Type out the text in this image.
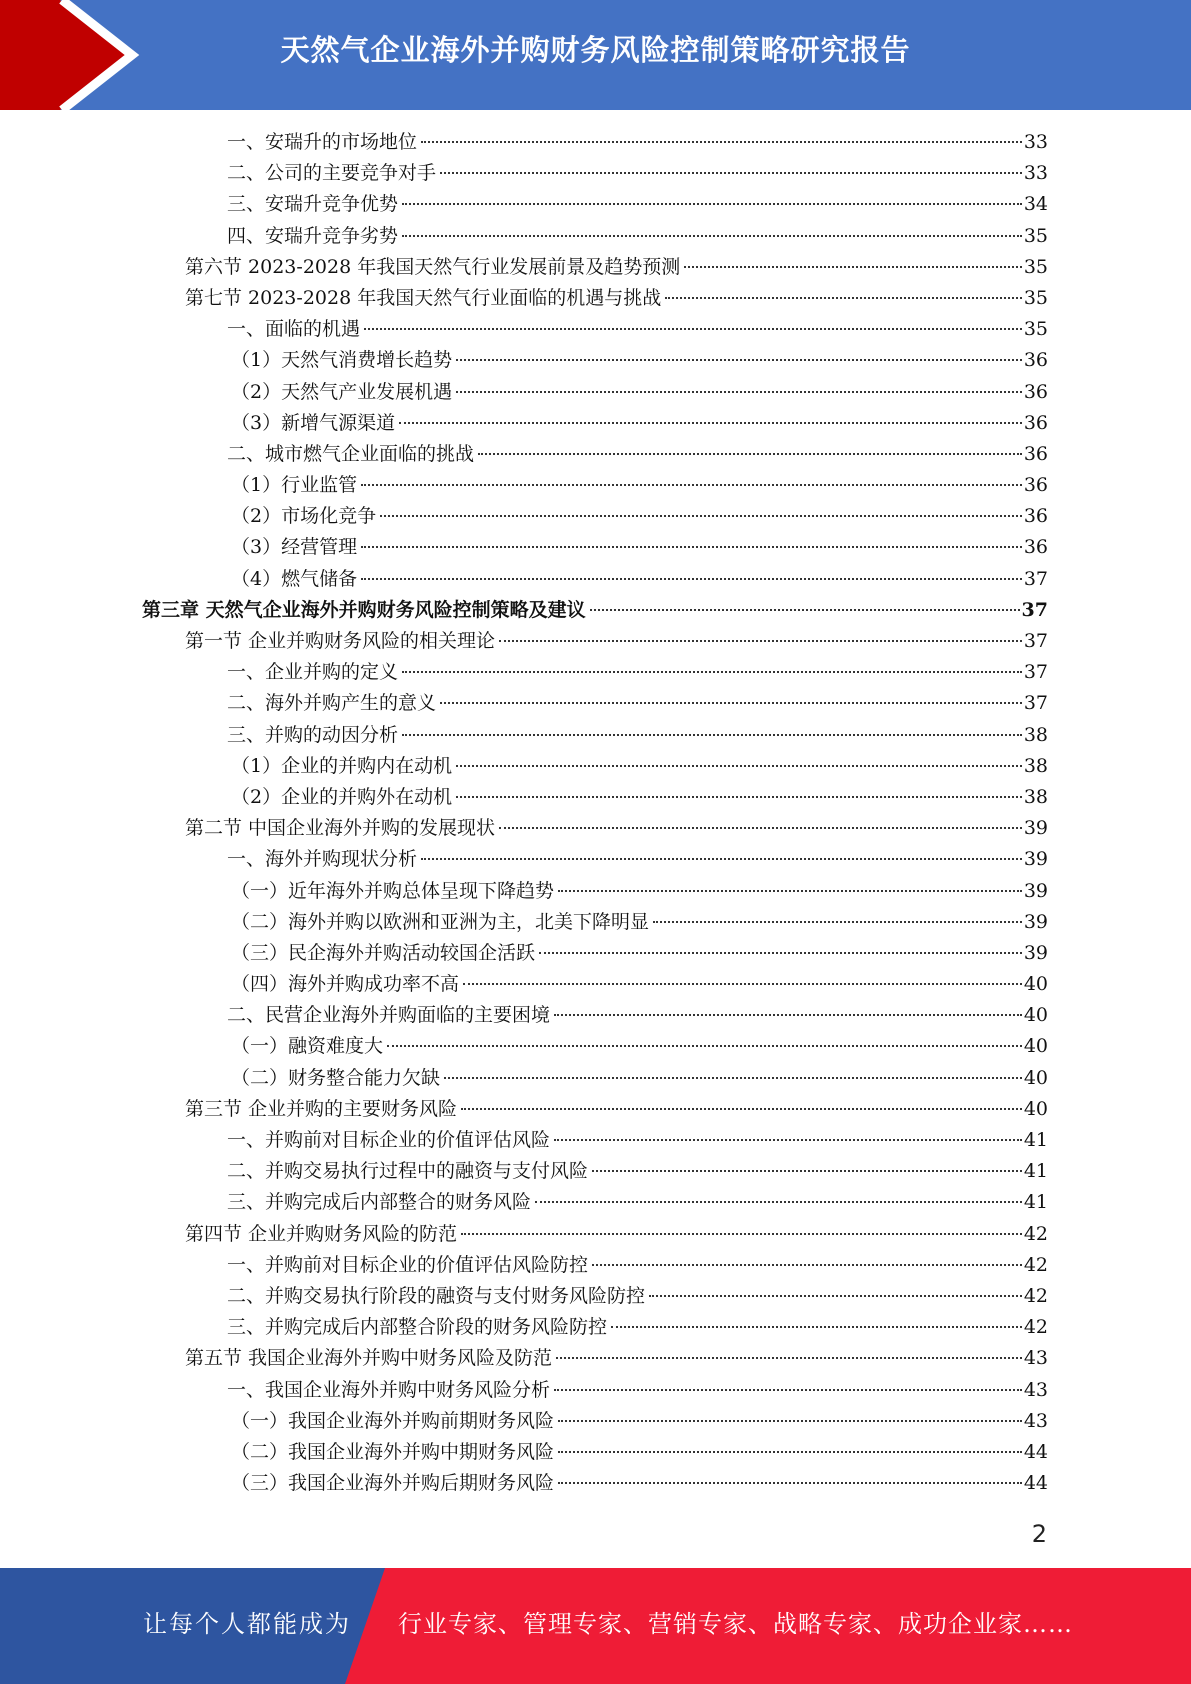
天然气企业海外并购财务风险控制策略研究报告
一、安瑞升的市场地位	33
二、公司的主要竞争对手	33
三、安瑞升竞争优势	34
四、安瑞升竞争劣势	35
第六节 2023-2028 年我国天然气行业发展前景及趋势预测	35
第七节 2023-2028 年我国天然气行业面临的机遇与挑战	35
一、面临的机遇	35
（1）天然气消费增长趋势	36
（2）天然气产业发展机遇	36
（3）新增气源渠道	36
二、城市燃气企业面临的挑战	36
（1）行业监管	36
（2）市场化竞争	36
（3）经营管理	36
（4）燃气储备	37
第三章 天然气企业海外并购财务风险控制策略及建议	37
第一节 企业并购财务风险的相关理论	37
一、企业并购的定义	37
二、海外并购产生的意义	37
三、并购的动因分析	38
（1）企业的并购内在动机	38
（2）企业的并购外在动机	38
第二节 中国企业海外并购的发展现状	39
一、海外并购现状分析	39
（一）近年海外并购总体呈现下降趋势	39
（二）海外并购以欧洲和亚洲为主，北美下降明显	39
（三）民企海外并购活动较国企活跃	39
（四）海外并购成功率不高	40
二、民营企业海外并购面临的主要困境	40
（一）融资难度大	40
（二）财务整合能力欠缺	40
第三节 企业并购的主要财务风险	40
一、并购前对目标企业的价值评估风险	41
二、并购交易执行过程中的融资与支付风险	41
三、并购完成后内部整合的财务风险	41
第四节 企业并购财务风险的防范	42
一、并购前对目标企业的价值评估风险防控	42
二、并购交易执行阶段的融资与支付财务风险防控	42
三、并购完成后内部整合阶段的财务风险防控	42
第五节 我国企业海外并购中财务风险及防范	43
一、我国企业海外并购中财务风险分析	43
（一）我国企业海外并购前期财务风险	43
（二）我国企业海外并购中期财务风险	44
（三）我国企业海外并购后期财务风险	44
2
让每个人都能成为 行业专家、管理专家、营销专家、战略专家、成功企业家……
